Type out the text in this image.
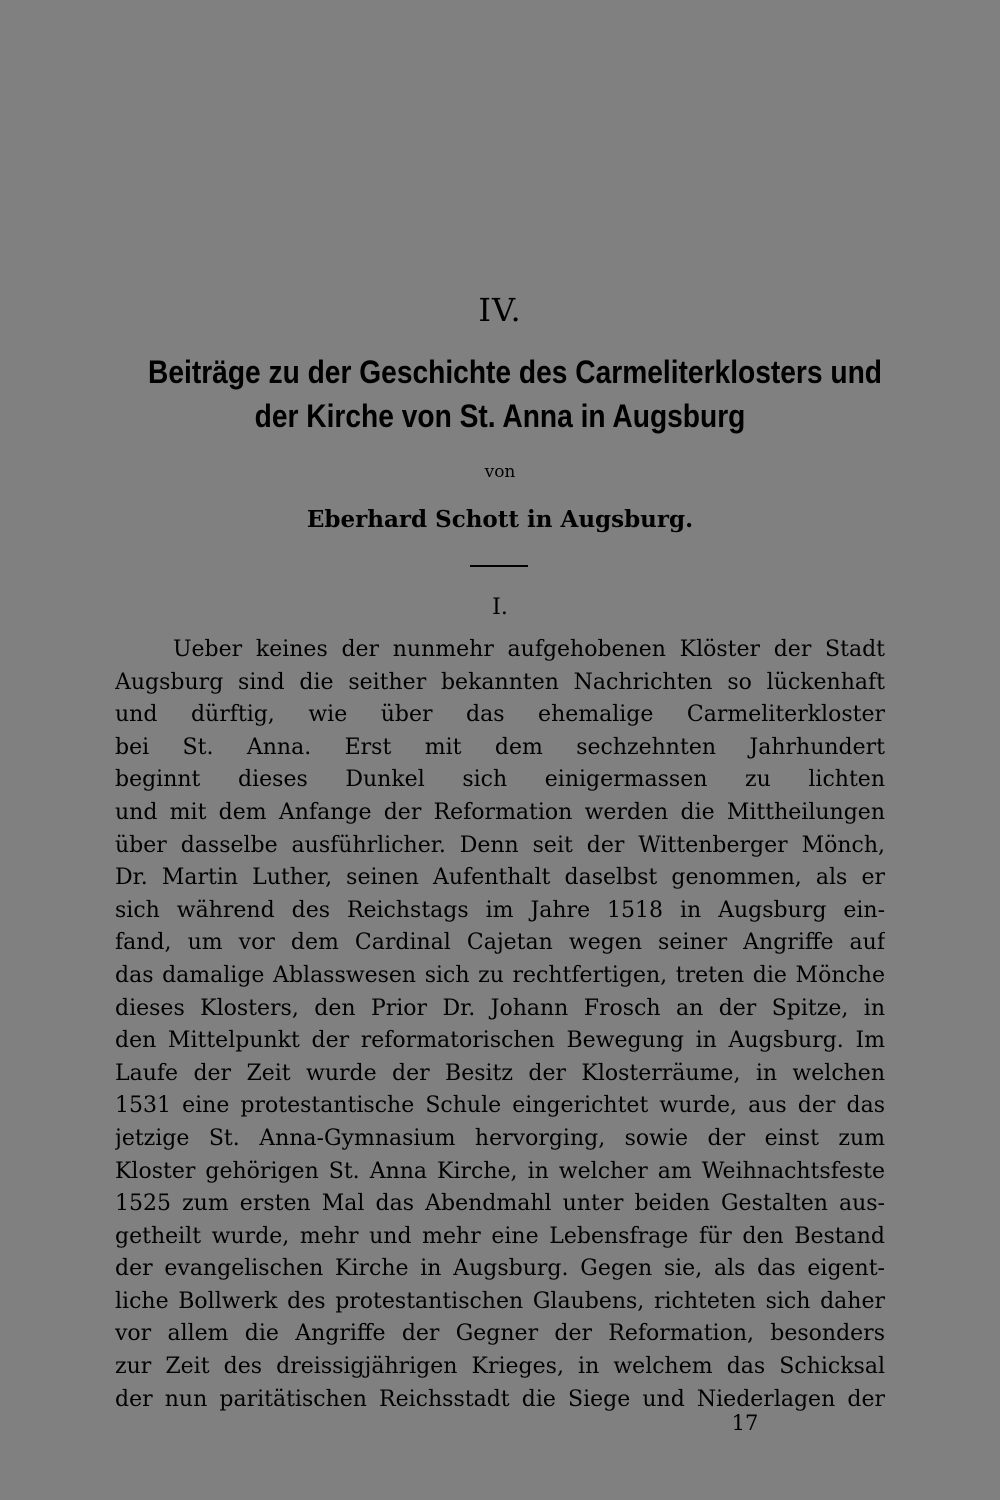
IV.
Beiträge zu der Geschichte des Carmeliterklosters und
der Kirche von St. Anna in Augsburg
von
Eberhard Schott in Augsburg.
I.
Ueber keines der nunmehr aufgehobenen Klöster der Stadt
Augsburg sind die seither bekannten Nachrichten so lückenhaft
und dürftig, wie über das ehemalige Carmeliterkloster
bei St. Anna. Erst mit dem sechzehnten Jahrhundert
beginnt dieses Dunkel sich einigermassen zu lichten
und mit dem Anfange der Reformation werden die Mittheilungen
über dasselbe ausführlicher. Denn seit der Wittenberger Mönch,
Dr. Martin Luther, seinen Aufenthalt daselbst genommen, als er
sich während des Reichstags im Jahre 1518 in Augsburg ein-
fand, um vor dem Cardinal Cajetan wegen seiner Angriffe auf
das damalige Ablasswesen sich zu rechtfertigen, treten die Mönche
dieses Klosters, den Prior Dr. Johann Frosch an der Spitze, in
den Mittelpunkt der reformatorischen Bewegung in Augsburg. Im
Laufe der Zeit wurde der Besitz der Klosterräume, in welchen
1531 eine protestantische Schule eingerichtet wurde, aus der das
jetzige St. Anna-Gymnasium hervorging, sowie der einst zum
Kloster gehörigen St. Anna Kirche, in welcher am Weihnachtsfeste
1525 zum ersten Mal das Abendmahl unter beiden Gestalten aus-
getheilt wurde, mehr und mehr eine Lebensfrage für den Bestand
der evangelischen Kirche in Augsburg. Gegen sie, als das eigent-
liche Bollwerk des protestantischen Glaubens, richteten sich daher
vor allem die Angriffe der Gegner der Reformation, besonders
zur Zeit des dreissigjährigen Krieges, in welchem das Schicksal
der nun paritätischen Reichsstadt die Siege und Niederlagen der
17
